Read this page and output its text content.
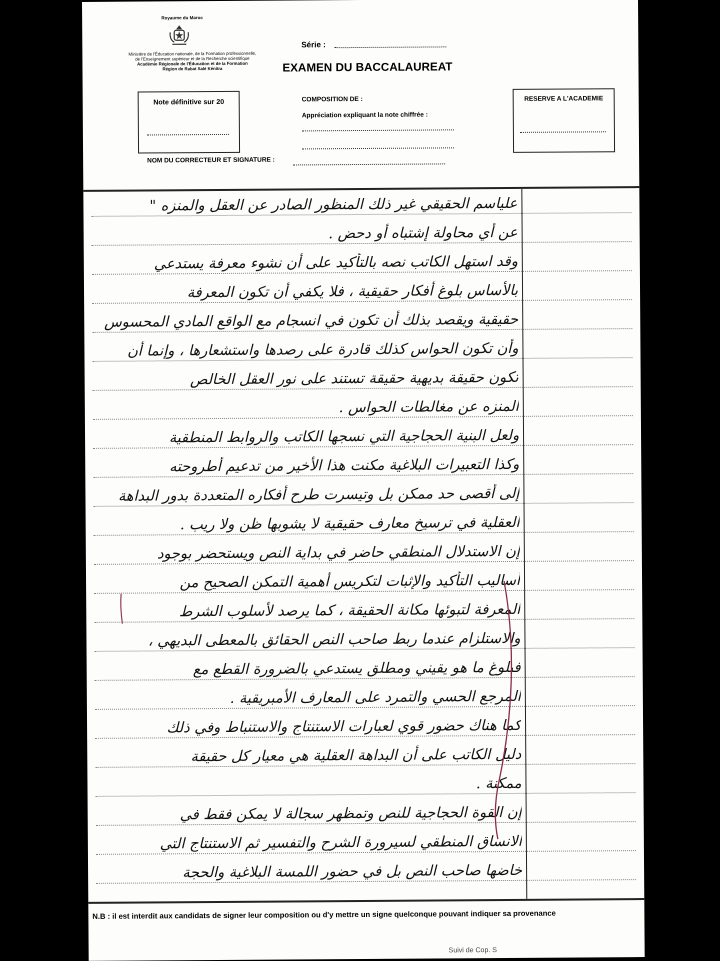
Royaume du Maroc
Ministère de l'Éducation nationale, de la Formation professionnelle,
de l'Enseignement supérieur et de la Recherche scientifique
Académie Régionale de l'Éducation et de la Formation
Région de Rabat Salé Kénitra
Série :
EXAMEN DU BACCALAUREAT
Note définitive sur 20	COMPOSITION DE :
Appréciation expliquant la note chiffrée :
RESERVE A L'ACADEMIE
NOM DU CORRECTEUR ET SIGNATURE :
علياسم الحقيقي غير ذلك المنظور الصادر عن العقل والمنزه "
عن أي محاولة إشتباه أو دحض .
وقد استهل الكاتب نصه بالتأكيد على أن نشوء معرفة يستدعي
بالأساس بلوغ أفكار حقيقية ، فلا يكفي أن تكون المعرفة
حقيقية ويقصد بذلك أن تكون في انسجام مع الواقع المادي المحسوس
وأن تكون الحواس كذلك قادرة على رصدها واستشعارها ، وإنما أن
تكون حقيقة بديهية حقيقة تستند على نور العقل الخالص
المنزه عن مغالطات الحواس .
ولعل البنية الحجاجية التي نسجها الكاتب والروابط المنطقية
وكذا التعبيرات البلاغية مكنت هذا الأخير من تدعيم أطروحته
إلى أقصى حد ممكن بل وتيسرت طرح أفكاره المتعددة بدور البداهة
العقلية في ترسيخ معارف حقيقية لا يشوبها ظن ولا ريب .
إن الاستدلال المنطقي حاضر في بداية النص ويستحضر بوجود
أساليب التأكيد والإثبات لتكريس أهمية التمكن الصحيح من
المعرفة لتبوئها مكانة الحقيقة ، كما يرصد لأسلوب الشرط
والاستلزام عندما ربط صاحب النص الحقائق بالمعطى البديهي ،
فبلوغ ما هو يقيني ومطلق يستدعي بالضرورة القطع مع
المرجع الحسي والتمرد على المعارف الأمبريقية .
كما هناك حضور قوي لعبارات الاستنتاج والاستنباط وفي ذلك
دليل الكاتب على أن البداهة العقلية هي معيار كل حقيقة
ممكنة .
إن القوة الحجاجية للنص وتمظهر سجالة لا يمكن فقط في
الانساق المنطقي لسيرورة الشرح والتفسير ثم الاستنتاج التي
خاضها صاحب النص بل في حضور اللمسة البلاغية والحجة
N.B : il est interdit aux candidats de signer leur composition ou d'y mettre un signe quelconque pouvant indiquer sa provenance
Suivi de Cop. S
